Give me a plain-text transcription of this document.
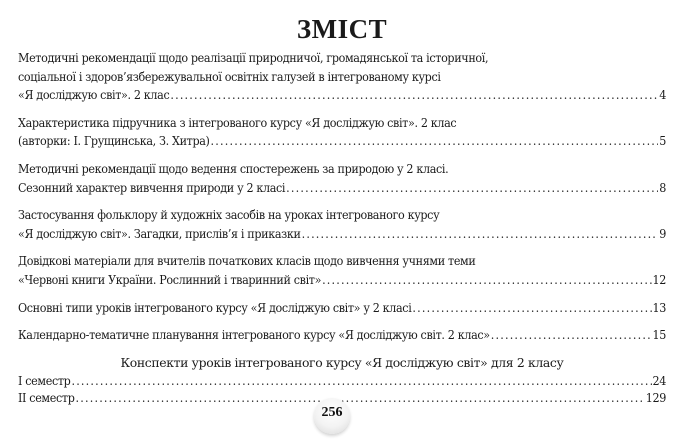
ЗМІСТ
Методичні рекомендації щодо реалізації природничої, громадянської та історичної,
соціальної і здоров’язбережувальної освітніх галузей в інтегрованому курсі
«Я досліджую світ». 2 клас .....	4
Характеристика підручника з інтегрованого курсу «Я досліджую світ». 2 клас
(авторки: І. Грущинська, З. Хитра) .....	5
Методичні рекомендації щодо ведення спостережень за природою у 2 класі.
Сезонний характер вивчення природи у 2 класі .....	8
Застосування фольклору й художніх засобів на уроках інтегрованого курсу
«Я досліджую світ». Загадки, прислів’я і приказки .....	9
Довідкові матеріали для вчителів початкових класів щодо вивчення учнями теми
«Червоні книги України. Рослинний і тваринний світ» .....	12
Основні типи уроків інтегрованого курсу «Я досліджую світ» у 2 класі .....	13
Календарно-тематичне планування інтегрованого курсу «Я досліджую світ. 2 клас» .....	15
Конспекти уроків інтегрованого курсу «Я досліджую світ» для 2 класу
І семестр .....	24
ІІ семестр .....	129
256
